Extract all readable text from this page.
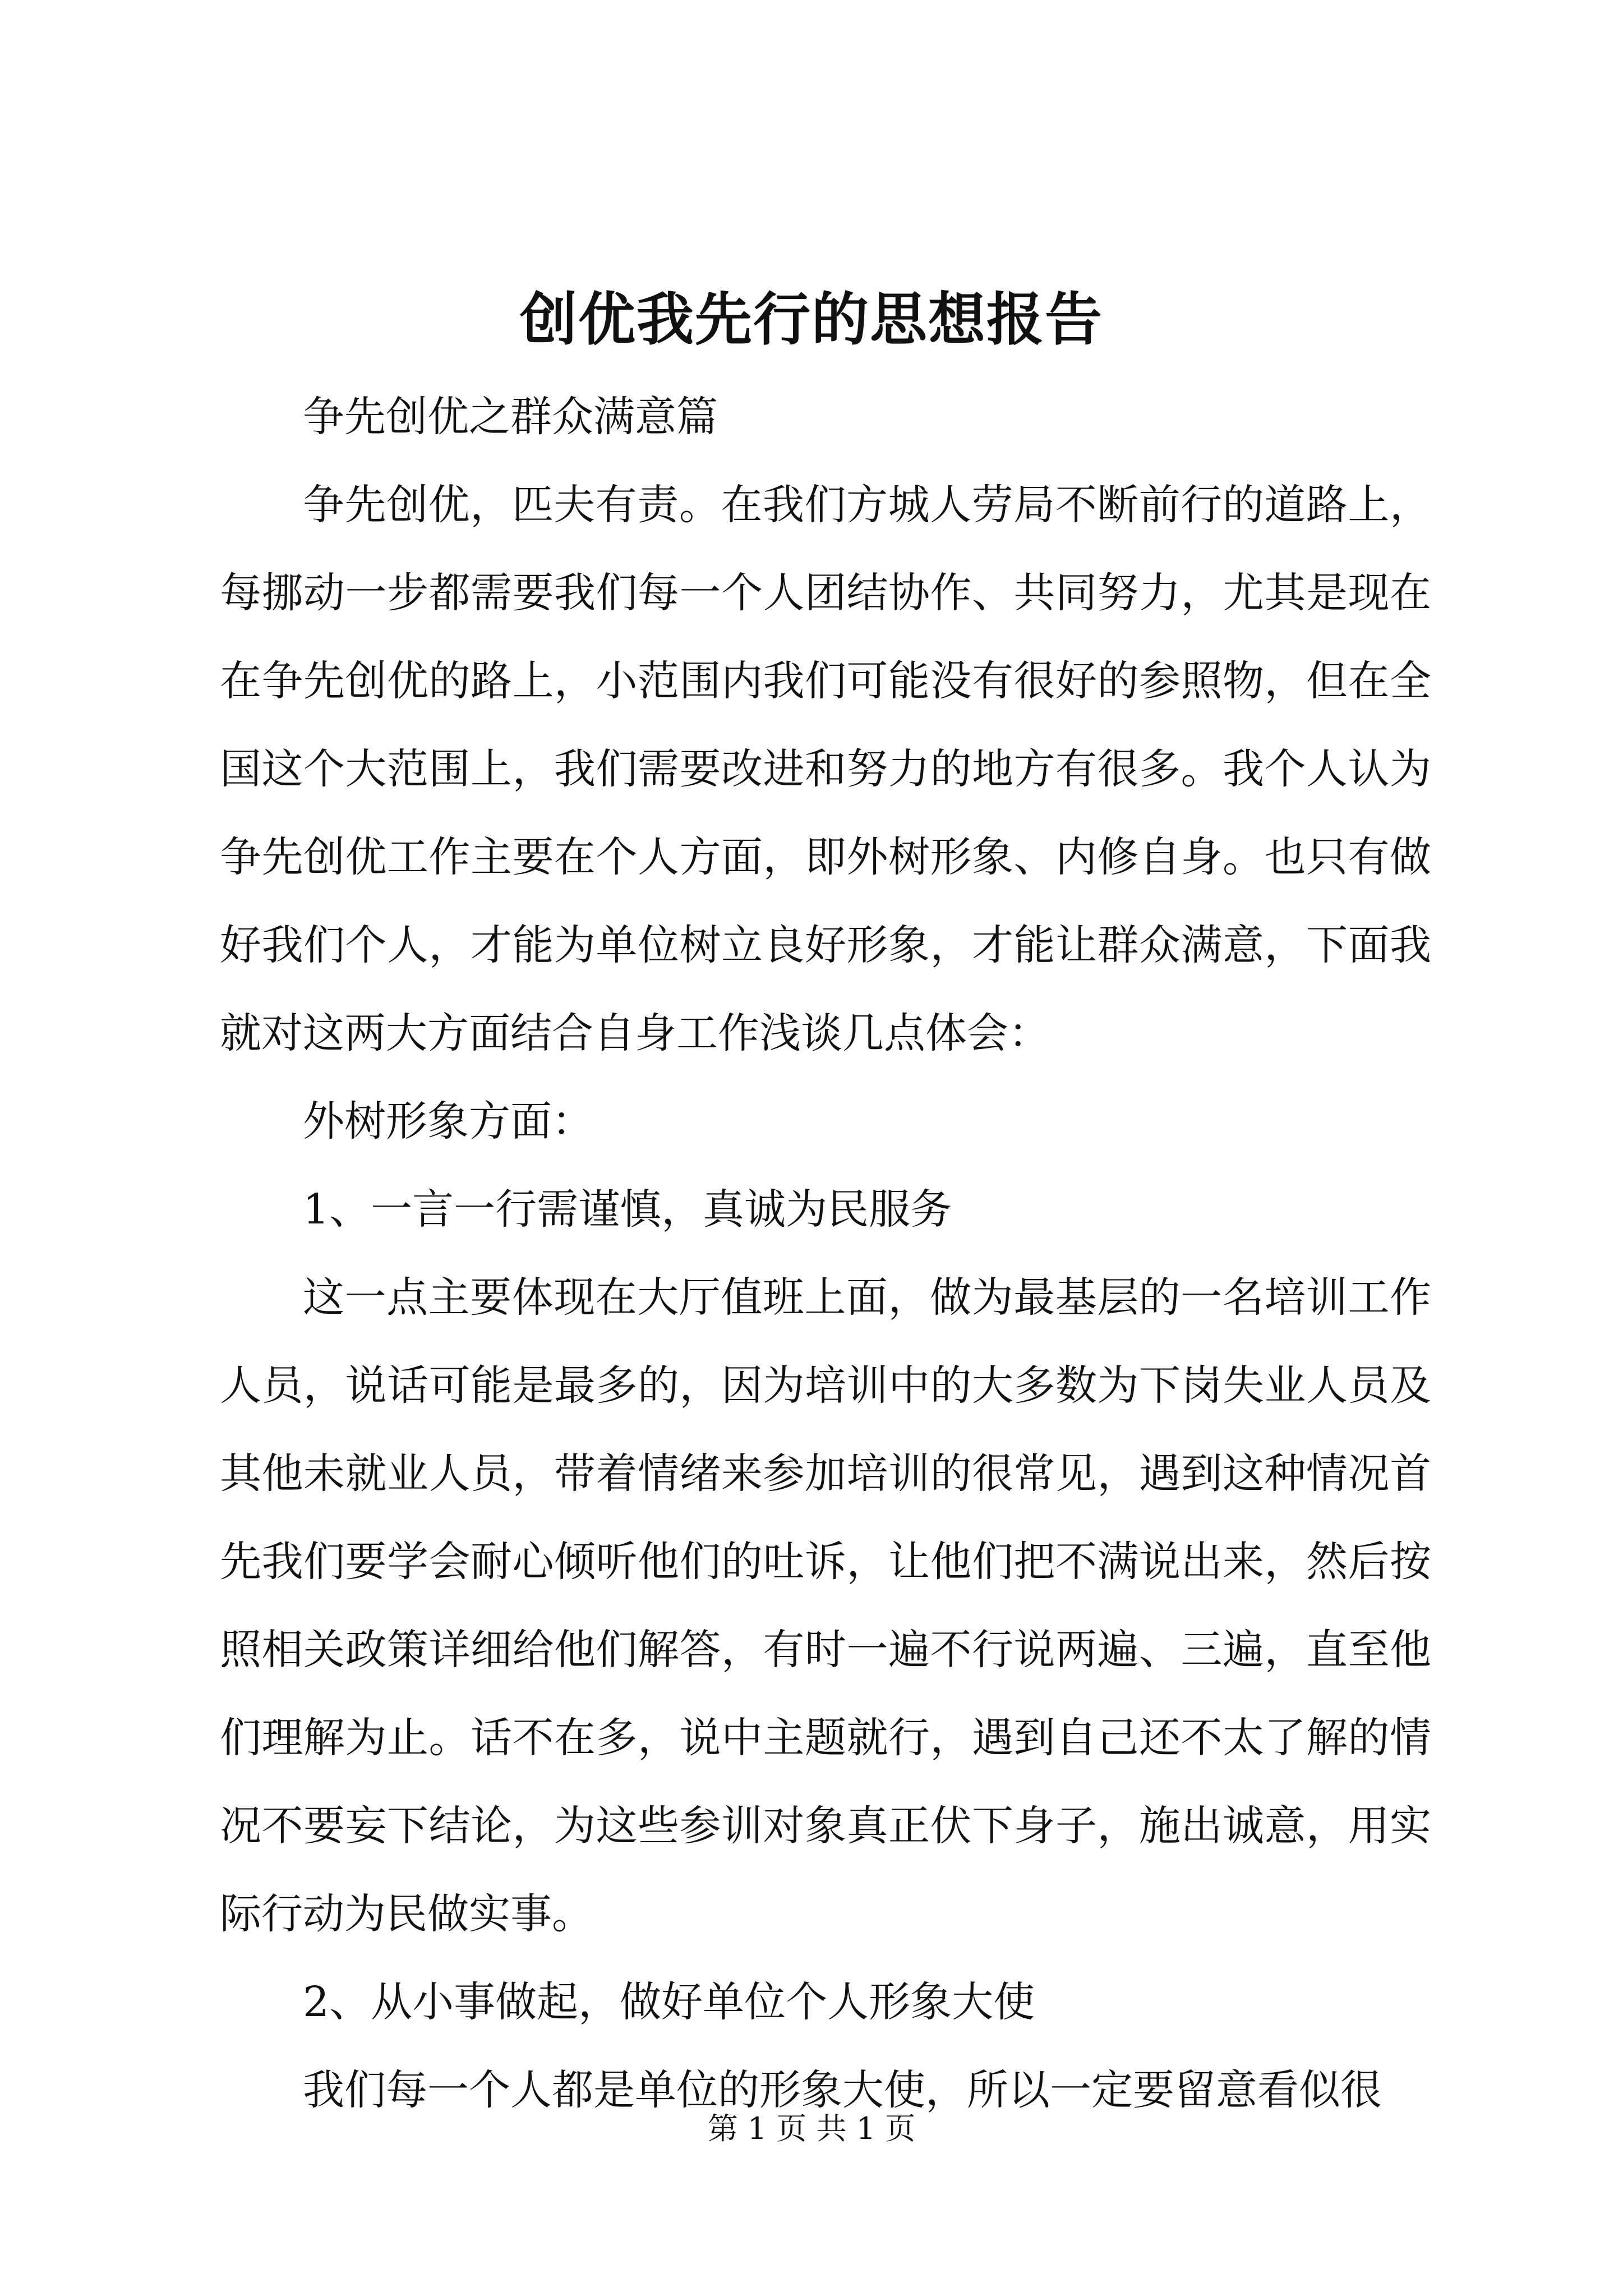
创优我先行的思想报告

争先创优之群众满意篇

争先创优，匹夫有责。在我们方城人劳局不断前行的道路上，每挪动一步都需要我们每一个人团结协作、共同努力，尤其是现在在争先创优的路上，小范围内我们可能没有很好的参照物，但在全国这个大范围上，我们需要改进和努力的地方有很多。我个人认为争先创优工作主要在个人方面，即外树形象、内修自身。也只有做好我们个人，才能为单位树立良好形象，才能让群众满意，下面我就对这两大方面结合自身工作浅谈几点体会：

外树形象方面：

1、一言一行需谨慎，真诚为民服务

这一点主要体现在大厅值班上面，做为最基层的一名培训工作人员，说话可能是最多的，因为培训中的大多数为下岗失业人员及其他未就业人员，带着情绪来参加培训的很常见，遇到这种情况首先我们要学会耐心倾听他们的吐诉，让他们把不满说出来，然后按照相关政策详细给他们解答，有时一遍不行说两遍、三遍，直至他们理解为止。话不在多，说中主题就行，遇到自己还不太了解的情况不要妄下结论，为这些参训对象真正伏下身子，施出诚意，用实际行动为民做实事。

2、从小事做起，做好单位个人形象大使

我们每一个人都是单位的形象大使，所以一定要留意看似很

第 1 页 共 1 页
